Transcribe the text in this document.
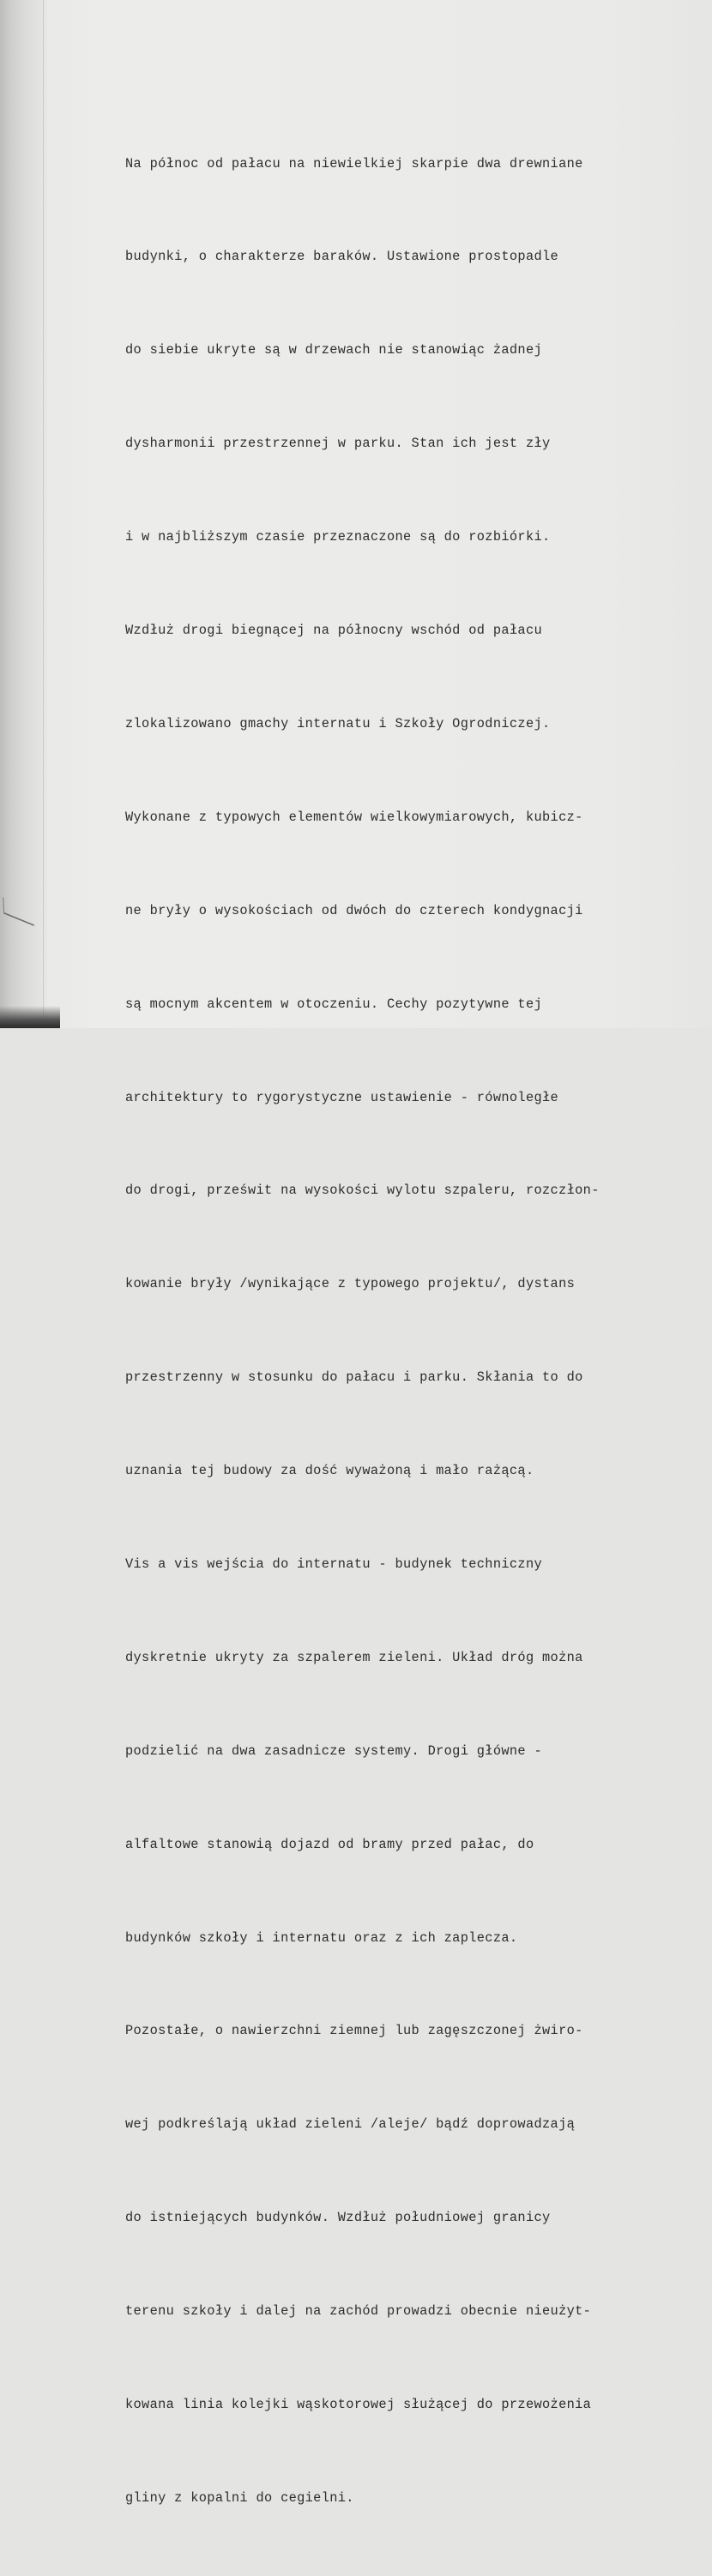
Na północ od pałacu na niewielkiej skarpie dwa drewniane

budynki, o charakterze baraków. Ustawione prostopadle

do siebie ukryte są w drzewach nie stanowiąc żadnej

dysharmonii przestrzennej w parku. Stan ich jest zły

i w najbliższym czasie przeznaczone są do rozbiórki.

Wzdłuż drogi biegnącej na północny wschód od pałacu

zlokalizowano gmachy internatu i Szkoły Ogrodniczej.

Wykonane z typowych elementów wielkowymiarowych, kubicz-

ne bryły o wysokościach od dwóch do czterech kondygnacji

są mocnym akcentem w otoczeniu. Cechy pozytywne tej

architektury to rygorystyczne ustawienie - równoległe

do drogi, prześwit na wysokości wylotu szpaleru, rozczłon-

kowanie bryły /wynikające z typowego projektu/, dystans

przestrzenny w stosunku do pałacu i parku. Skłania to do

uznania tej budowy za dość wyważoną i mało rażącą.

Vis a vis wejścia do internatu - budynek techniczny

dyskretnie ukryty za szpalerem zieleni. Układ dróg można

podzielić na dwa zasadnicze systemy. Drogi główne -

alfaltowe stanowią dojazd od bramy przed pałac, do

budynków szkoły i internatu oraz z ich zaplecza.

Pozostałe, o nawierzchni ziemnej lub zagęszczonej żwiro-

wej podkreślają układ zieleni /aleje/ bądź doprowadzają

do istniejących budynków. Wzdłuż południowej granicy

terenu szkoły i dalej na zachód prowadzi obecnie nieużyt-

kowana linia kolejki wąskotorowej służącej do przewożenia

gliny z kopalni do cegielni.
